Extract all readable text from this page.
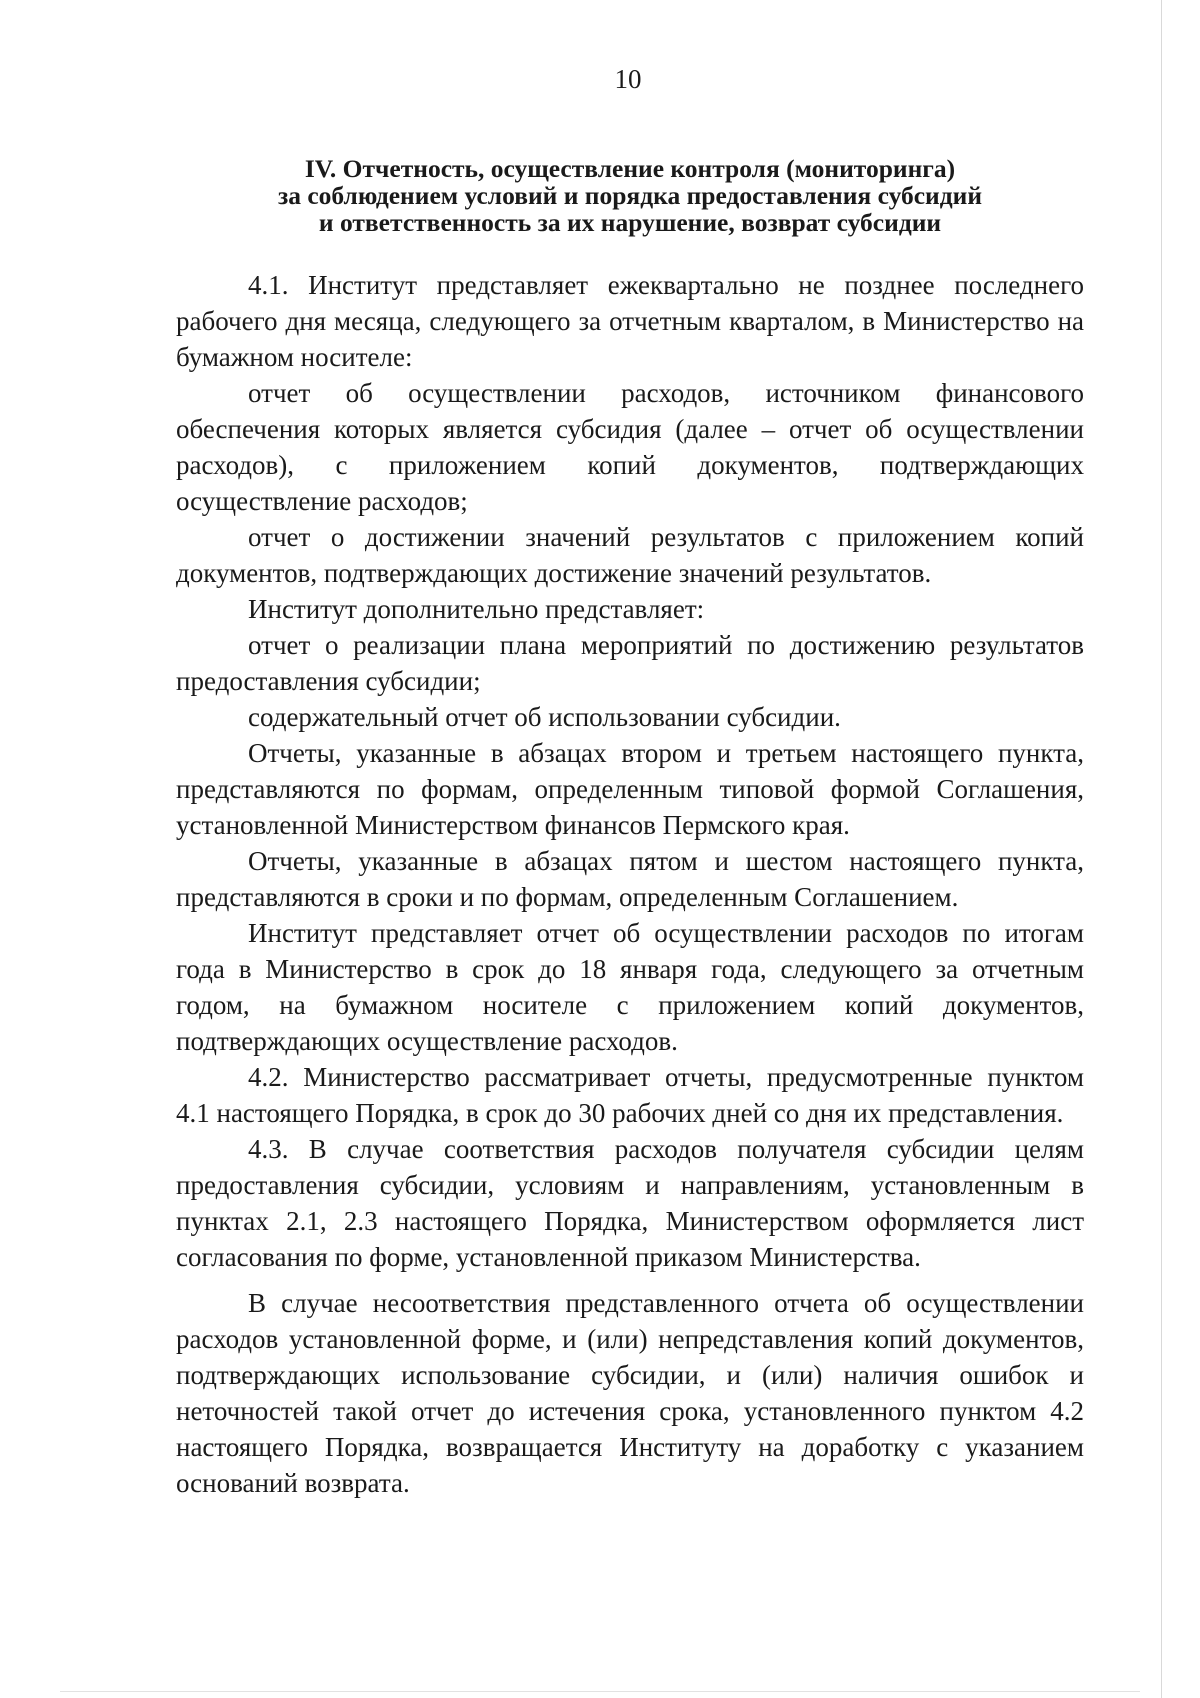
10
IV. Отчетность, осуществление контроля (мониторинга)
за соблюдением условий и порядка предоставления субсидий
и ответственность за их нарушение, возврат субсидии

4.1. Институт представляет ежеквартально не позднее последнего рабочего дня месяца, следующего за отчетным кварталом, в Министерство на бумажном носителе:

отчет об осуществлении расходов, источником финансового обеспечения которых является субсидия (далее – отчет об осуществлении расходов), с приложением копий документов, подтверждающих осуществление расходов;

отчет о достижении значений результатов с приложением копий документов, подтверждающих достижение значений результатов.

Институт дополнительно представляет:

отчет о реализации плана мероприятий по достижению результатов предоставления субсидии;

содержательный отчет об использовании субсидии.

Отчеты, указанные в абзацах втором и третьем настоящего пункта, представляются по формам, определенным типовой формой Соглашения, установленной Министерством финансов Пермского края.

Отчеты, указанные в абзацах пятом и шестом настоящего пункта, представляются в сроки и по формам, определенным Соглашением.

Институт представляет отчет об осуществлении расходов по итогам года в Министерство в срок до 18 января года, следующего за отчетным годом, на бумажном носителе с приложением копий документов, подтверждающих осуществление расходов.

4.2. Министерство рассматривает отчеты, предусмотренные пунктом 4.1 настоящего Порядка, в срок до 30 рабочих дней со дня их представления.

4.3. В случае соответствия расходов получателя субсидии целям предоставления субсидии, условиям и направлениям, установленным в пунктах 2.1, 2.3 настоящего Порядка, Министерством оформляется лист согласования по форме, установленной приказом Министерства.

В случае несоответствия представленного отчета об осуществлении расходов установленной форме, и (или) непредставления копий документов, подтверждающих использование субсидии, и (или) наличия ошибок и неточностей такой отчет до истечения срока, установленного пунктом 4.2 настоящего Порядка, возвращается Институту на доработку с указанием оснований возврата.
